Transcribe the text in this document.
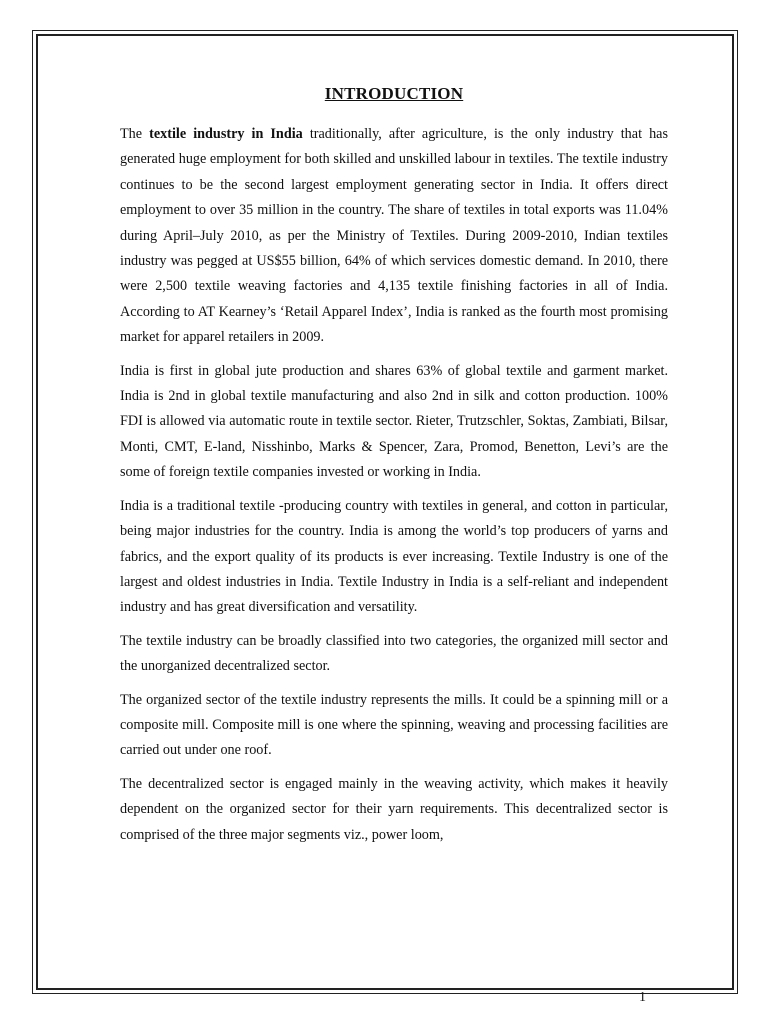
INTRODUCTION

The textile industry in India traditionally, after agriculture, is the only industry that has generated huge employment for both skilled and unskilled labour in textiles. The textile industry continues to be the second largest employment generating sector in India. It offers direct employment to over 35 million in the country. The share of textiles in total exports was 11.04% during April–July 2010, as per the Ministry of Textiles. During 2009-2010, Indian textiles industry was pegged at US$55 billion, 64% of which services domestic demand. In 2010, there were 2,500 textile weaving factories and 4,135 textile finishing factories in all of India. According to AT Kearney’s ‘Retail Apparel Index’, India is ranked as the fourth most promising market for apparel retailers in 2009.

India is first in global jute production and shares 63% of global textile and garment market. India is 2nd in global textile manufacturing and also 2nd in silk and cotton production. 100% FDI is allowed via automatic route in textile sector. Rieter, Trutzschler, Soktas, Zambiati, Bilsar, Monti, CMT, E-land, Nisshinbo, Marks & Spencer, Zara, Promod, Benetton, Levi’s are the some of foreign textile companies invested or working in India.

India is a traditional textile -producing country with textiles in general, and cotton in particular, being major industries for the country. India is among the world’s top producers of yarns and fabrics, and the export quality of its products is ever increasing. Textile Industry is one of the largest and oldest industries in India. Textile Industry in India is a self-reliant and independent industry and has great diversification and versatility.

The textile industry can be broadly classified into two categories, the organized mill sector and the unorganized decentralized sector.

The organized sector of the textile industry represents the mills. It could be a spinning mill or a composite mill. Composite mill is one where the spinning, weaving and processing facilities are carried out under one roof.

The decentralized sector is engaged mainly in the weaving activity, which makes it heavily dependent on the organized sector for their yarn requirements. This decentralized sector is comprised of the three major segments viz., power loom,

1
